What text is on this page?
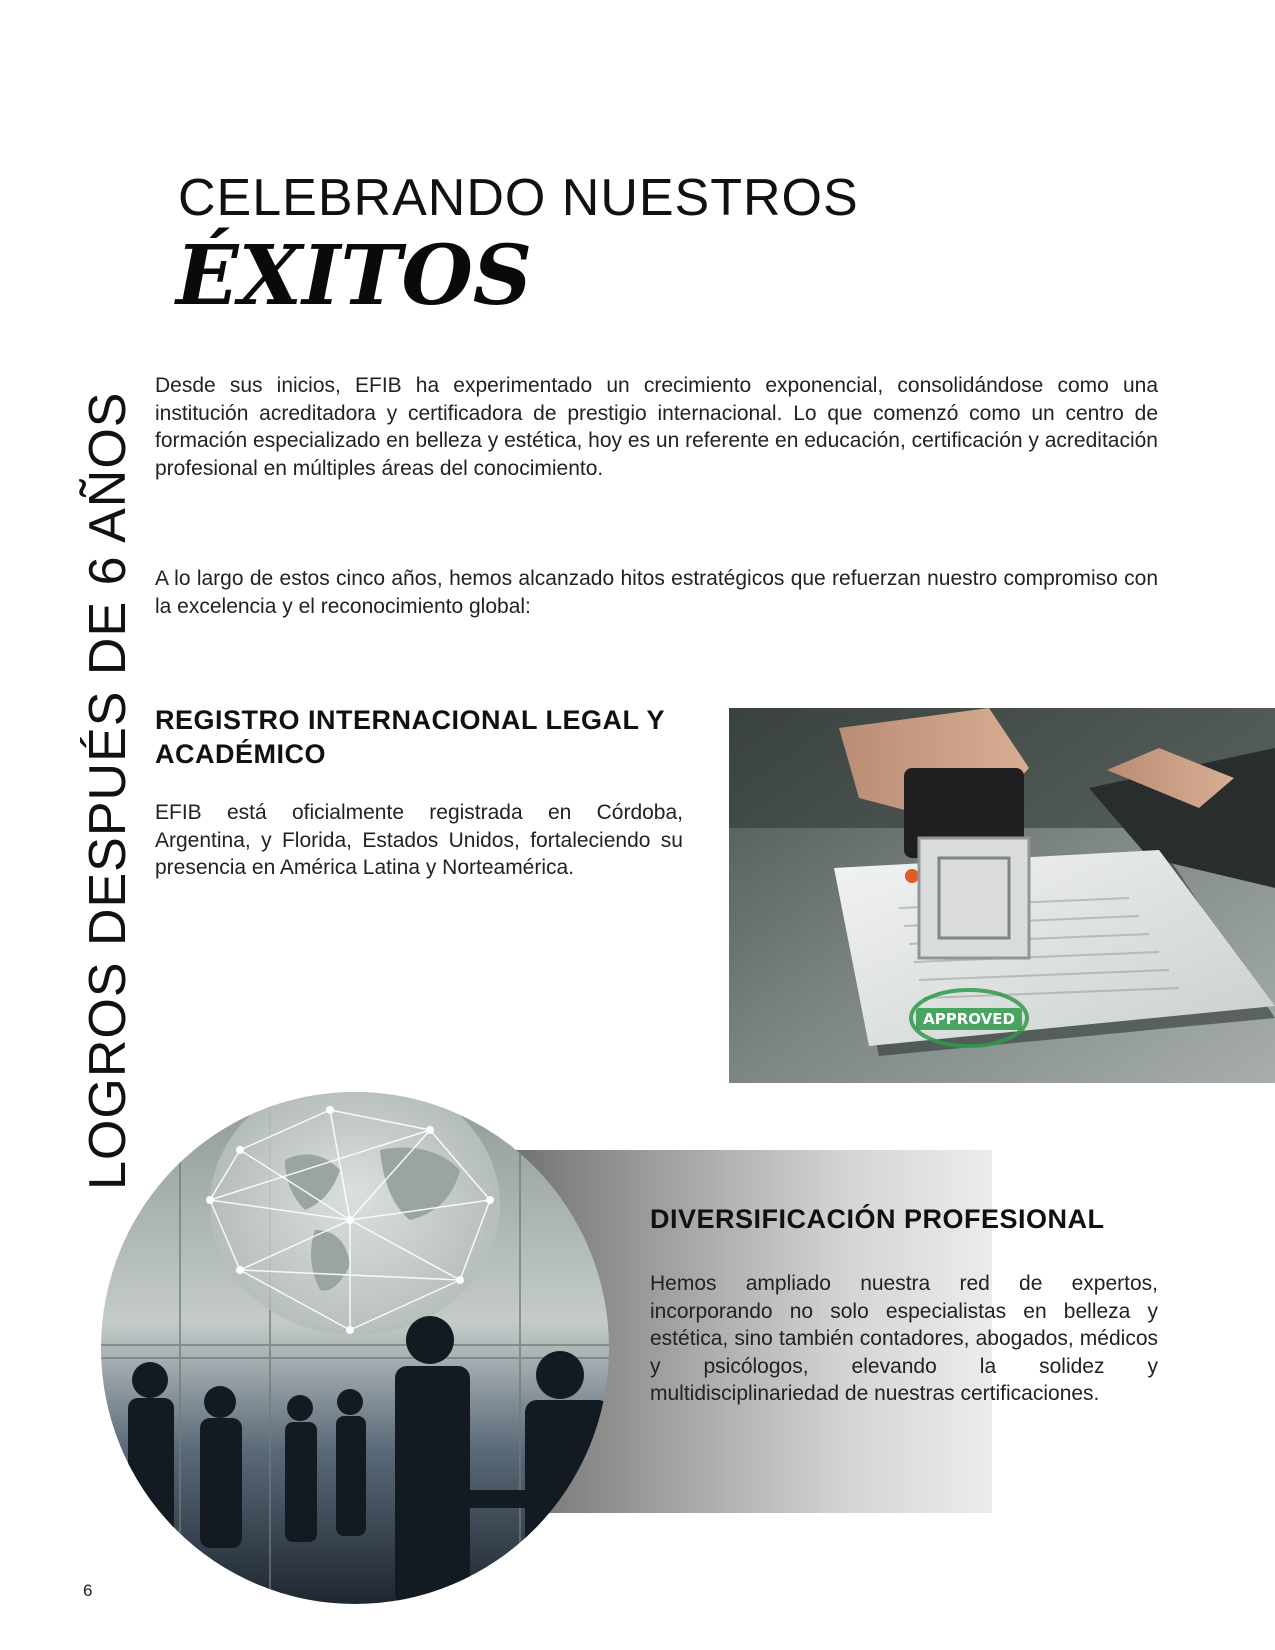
LOGROS DESPUÉS DE 6 AÑOS
CELEBRANDO NUESTROS
ÉXITOS

Desde sus inicios, EFIB ha experimentado un crecimiento exponencial, consolidándose como una institución acreditadora y certificadora de prestigio internacional. Lo que comenzó como un centro de formación especializado en belleza y estética, hoy es un referente en educación, certificación y acreditación profesional en múltiples áreas del conocimiento.

A lo largo de estos cinco años, hemos alcanzado hitos estratégicos que refuerzan nuestro compromiso con la excelencia y el reconocimiento global:

REGISTRO INTERNACIONAL LEGAL Y ACADÉMICO

EFIB está oficialmente registrada en Córdoba, Argentina, y Florida, Estados Unidos, fortaleciendo su presencia en América Latina y Norteamérica.

APPROVED
DIVERSIFICACIÓN PROFESIONAL

Hemos ampliado nuestra red de expertos, incorporando no solo especialistas en belleza y estética, sino también contadores, abogados, médicos y psicólogos, elevando la solidez y multidisciplinariedad de nuestras certificaciones.

6
